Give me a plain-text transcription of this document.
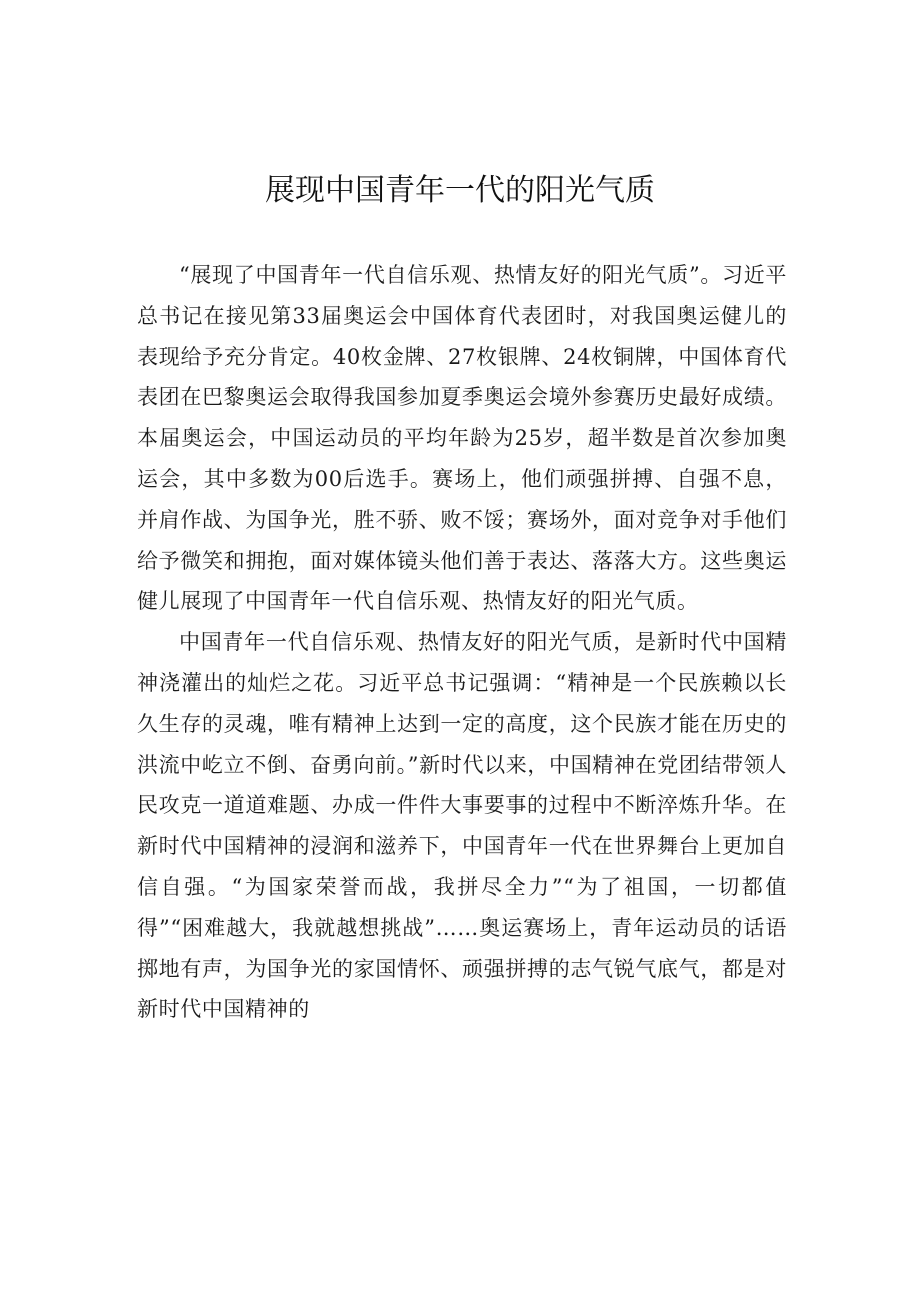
展现中国青年一代的阳光气质

“展现了中国青年一代自信乐观、热情友好的阳光气质”。习近平总书记在接见第33届奥运会中国体育代表团时，对我国奥运健儿的表现给予充分肯定。40枚金牌、27枚银牌、24枚铜牌，中国体育代表团在巴黎奥运会取得我国参加夏季奥运会境外参赛历史最好成绩。本届奥运会，中国运动员的平均年龄为25岁，超半数是首次参加奥运会，其中多数为00后选手。赛场上，他们顽强拼搏、自强不息，并肩作战、为国争光，胜不骄、败不馁；赛场外，面对竞争对手他们给予微笑和拥抱，面对媒体镜头他们善于表达、落落大方。这些奥运健儿展现了中国青年一代自信乐观、热情友好的阳光气质。

中国青年一代自信乐观、热情友好的阳光气质，是新时代中国精神浇灌出的灿烂之花。习近平总书记强调：“精神是一个民族赖以长久生存的灵魂，唯有精神上达到一定的高度，这个民族才能在历史的洪流中屹立不倒、奋勇向前。”新时代以来，中国精神在党团结带领人民攻克一道道难题、办成一件件大事要事的过程中不断淬炼升华。在新时代中国精神的浸润和滋养下，中国青年一代在世界舞台上更加自信自强。“为国家荣誉而战，我拼尽全力”“为了祖国，一切都值得”“困难越大，我就越想挑战”……奥运赛场上，青年运动员的话语掷地有声，为国争光的家国情怀、顽强拼搏的志气锐气底气，都是对新时代中国精神的
